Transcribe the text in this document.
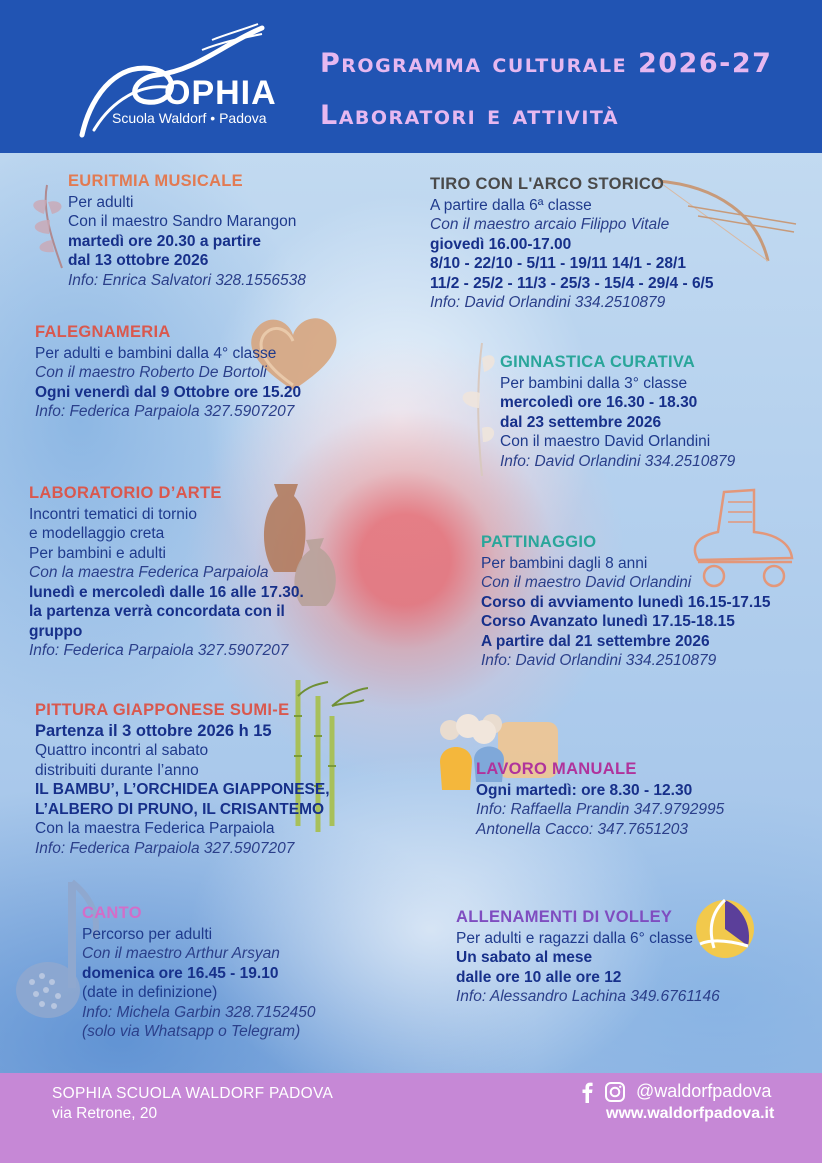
OPHIA
Scuola Waldorf • Padova
Programma culturale 2026-27
Laboratori e attività
EURITMIA MUSICALE
Per adulti
Con il maestro Sandro Marangon
martedì ore 20.30 a partire
dal 13 ottobre 2026
Info: Enrica Salvatori 328.1556538
TIRO CON L'ARCO STORICO
A partire dalla 6ª classe
Con il maestro arcaio Filippo Vitale
giovedì 16.00-17.00
8/10 - 22/10 - 5/11 - 19/11 14/1 - 28/1
11/2 - 25/2 - 11/3 - 25/3 - 15/4 - 29/4 - 6/5
Info: David Orlandini 334.2510879
FALEGNAMERIA
Per adulti e bambini dalla 4° classe
Con il maestro Roberto De Bortoli
Ogni venerdì dal 9 Ottobre ore 15.20
Info: Federica Parpaiola 327.5907207
GINNASTICA CURATIVA
Per bambini dalla 3° classe
mercoledì ore 16.30 - 18.30
dal 23 settembre 2026
Con il maestro David Orlandini
Info: David Orlandini 334.2510879
LABORATORIO D’ARTE
Incontri tematici di tornio
e modellaggio creta
Per bambini e adulti
Con la maestra Federica Parpaiola
lunedì e mercoledì dalle 16 alle 17.30.
la partenza verrà concordata con il
gruppo
Info: Federica Parpaiola 327.5907207
PATTINAGGIO
Per bambini dagli 8 anni
Con il maestro David Orlandini
Corso di avviamento lunedì 16.15-17.15
Corso Avanzato lunedì 17.15-18.15
A partire dal 21 settembre 2026
Info: David Orlandini 334.2510879
PITTURA GIAPPONESE SUMI-E
Partenza il 3 ottobre 2026 h 15
Quattro incontri al sabato
distribuiti durante l’anno
IL BAMBU’, L’ORCHIDEA GIAPPONESE,
L’ALBERO DI PRUNO, IL CRISANTEMO
Con la maestra Federica Parpaiola
Info: Federica Parpaiola 327.5907207
LAVORO MANUALE
Ogni martedì: ore 8.30 - 12.30
Info: Raffaella Prandin 347.9792995
Antonella Cacco: 347.7651203
CANTO
Percorso per adulti
Con il maestro Arthur Arsyan
domenica ore 16.45 - 19.10
(date in definizione)
Info: Michela Garbin 328.7152450
(solo via Whatsapp o Telegram)
ALLENAMENTI DI VOLLEY
Per adulti e ragazzi dalla 6° classe
Un sabato al mese
dalle ore 10 alle ore 12
Info: Alessandro Lachina 349.6761146
SOPHIA SCUOLA WALDORF PADOVA
via Retrone, 20
@waldorfpadova
www.waldorfpadova.it
